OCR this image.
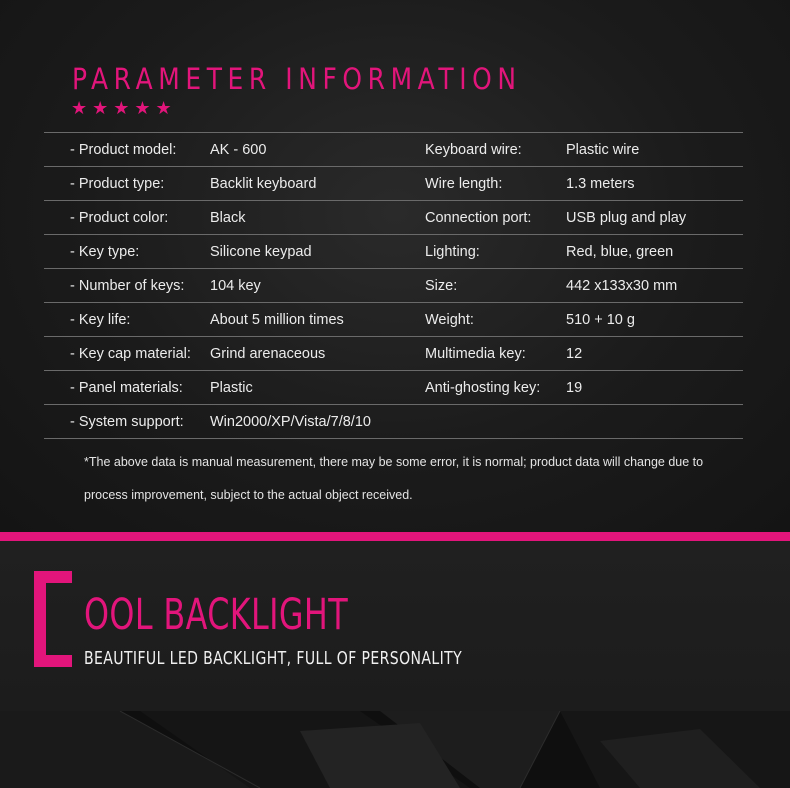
PARAMETER INFORMATION
★★★★★
- Product model: AK - 600	Keyboard wire:	Plastic wire
- Product type:	Backlit keyboard	Wire length:	1.3 meters
- Product color:	Black	Connection port: USB plug and play
- Key type:	Silicone keypad	Lighting:	Red, blue, green
- Number of keys: 104 key	Size:	442 x133x30 mm
- Key life:	About 5 million times	Weight:	510 + 10 g
- Key cap material: Grind arenaceous	Multimedia key:	12
- Panel materials: Plastic	Anti-ghosting key: 19
- System support: Win2000/XP/Vista/7/8/10
*The above data is manual measurement, there may be some error, it is normal; product data will change due to process improvement, subject to the actual object received.
OOL BACKLIGHT
BEAUTIFUL LED BACKLIGHT, FULL OF PERSONALITY
